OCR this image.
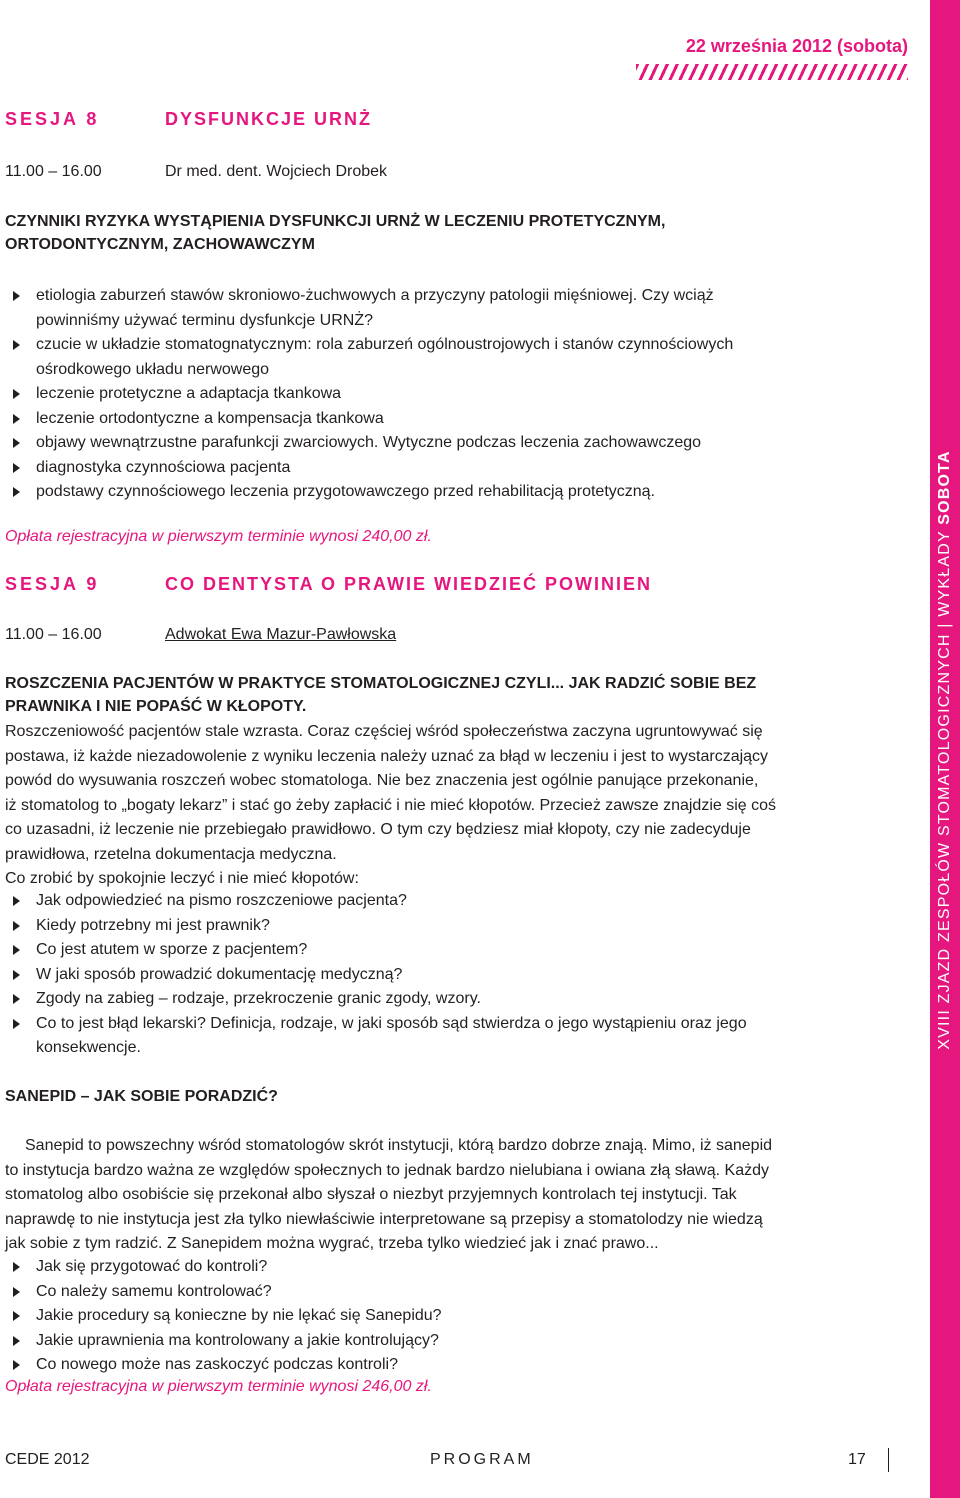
22 września 2012 (sobota)
XVIII ZJAZD ZESPOŁÓW STOMATOLOGICZNYCH | WYKŁADY SOBOTA
SESJA 8	DYSFUNKCJE URNŻ
11.00 – 16.00	Dr med. dent. Wojciech Drobek
CZYNNIKI RYZYKA WYSTĄPIENIA DYSFUNKCJI URNŻ W LECZENIU PROTETYCZNYM,
ORTODONTYCZNYM, ZACHOWAWCZYM
etiologia zaburzeń stawów skroniowo-żuchwowych a przyczyny patologii mięśniowej. Czy wciąż
powinniśmy używać terminu dysfunkcje URNŻ?
czucie w układzie stomatognatycznym: rola zaburzeń ogólnoustrojowych i stanów czynnościowych
ośrodkowego układu nerwowego
leczenie protetyczne a adaptacja tkankowa
leczenie ortodontyczne a kompensacja tkankowa
objawy wewnątrzustne parafunkcji zwarciowych. Wytyczne podczas leczenia zachowawczego
diagnostyka czynnościowa pacjenta
podstawy czynnościowego leczenia przygotowawczego przed rehabilitacją protetyczną.
Opłata rejestracyjna w pierwszym terminie wynosi 240,00 zł.
SESJA 9	CO DENTYSTA O PRAWIE WIEDZIEĆ POWINIEN
11.00 – 16.00	Adwokat Ewa Mazur-Pawłowska
ROSZCZENIA PACJENTÓW W PRAKTYCE STOMATOLOGICZNEJ CZYLI... JAK RADZIĆ SOBIE BEZ
PRAWNIKA I NIE POPAŚĆ W KŁOPOTY.

Roszczeniowość pacjentów stale wzrasta. Coraz częściej wśród społeczeństwa zaczyna ugruntowywać się

postawa, iż każde niezadowolenie z wyniku leczenia należy uznać za błąd w leczeniu i jest to wystarczający

powód do wysuwania roszczeń wobec stomatologa. Nie bez znaczenia jest ogólnie panujące przekonanie,

iż stomatolog to „bogaty lekarz” i stać go żeby zapłacić i nie mieć kłopotów. Przecież zawsze znajdzie się coś

co uzasadni, iż leczenie nie przebiegało prawidłowo. O tym czy będziesz miał kłopoty, czy nie zadecyduje

prawidłowa, rzetelna dokumentacja medyczna.

Co zrobić by spokojnie leczyć i nie mieć kłopotów:

Jak odpowiedzieć na pismo roszczeniowe pacjenta?
Kiedy potrzebny mi jest prawnik?
Co jest atutem w sporze z pacjentem?
W jaki sposób prowadzić dokumentację medyczną?
Zgody na zabieg – rodzaje, przekroczenie granic zgody, wzory.
Co to jest błąd lekarski? Definicja, rodzaje, w jaki sposób sąd stwierdza o jego wystąpieniu oraz jego
konsekwencje.
SANEPID – JAK SOBIE PORADZIĆ?

Sanepid to powszechny wśród stomatologów skrót instytucji, którą bardzo dobrze znają. Mimo, iż sanepid

to instytucja bardzo ważna ze względów społecznych to jednak bardzo nielubiana i owiana złą sławą. Każdy

stomatolog albo osobiście się przekonał albo słyszał o niezbyt przyjemnych kontrolach tej instytucji. Tak

naprawdę to nie instytucja jest zła tylko niewłaściwie interpretowane są przepisy a stomatolodzy nie wiedzą

jak sobie z tym radzić. Z Sanepidem można wygrać, trzeba tylko wiedzieć jak i znać prawo...

Jak się przygotować do kontroli?
Co należy samemu kontrolować?
Jakie procedury są konieczne by nie lękać się Sanepidu?
Jakie uprawnienia ma kontrolowany a jakie kontrolujący?
Co nowego może nas zaskoczyć podczas kontroli?
Opłata rejestracyjna w pierwszym terminie wynosi 246,00 zł.
CEDE 2012	PROGRAM	17
